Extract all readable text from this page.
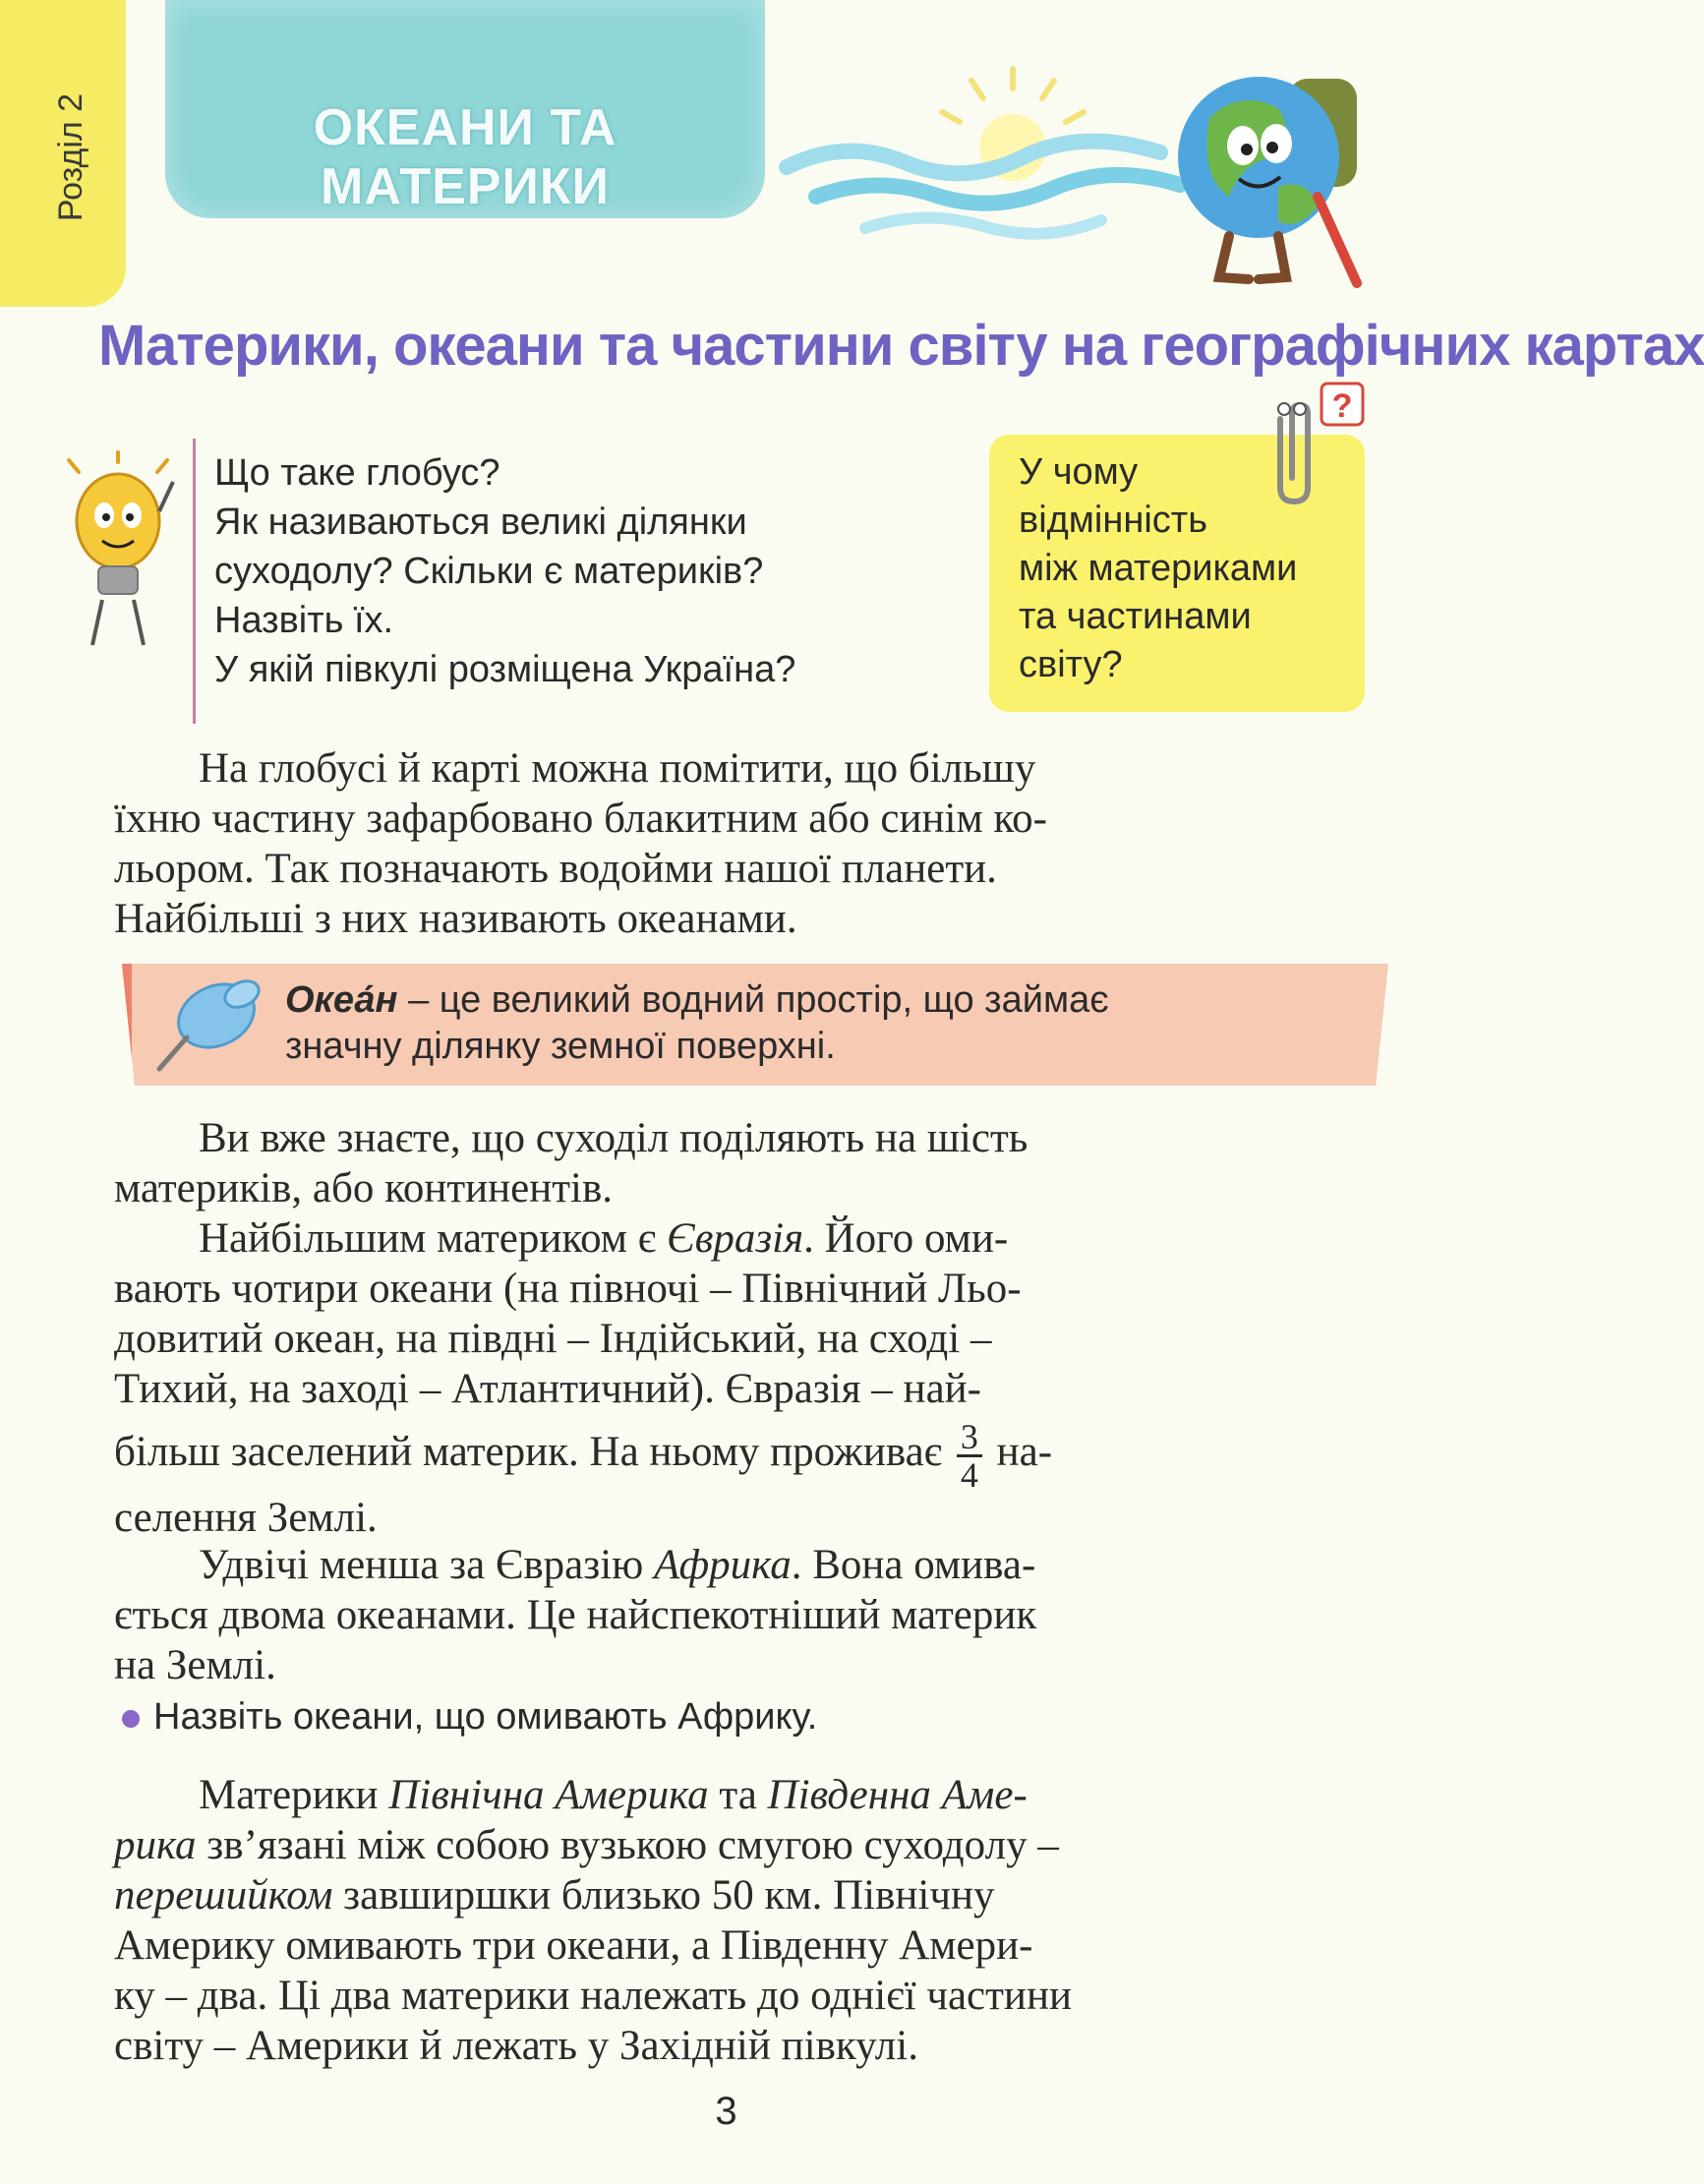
Розділ 2	ОКЕАНИ ТА МАТЕРИКИ
Материки, океани та частини світу на географічних картах
Що таке глобус?
Як називаються великі ділянки
суходолу? Скільки є материків?
Назвіть їх.
У якій півкулі розміщена Україна?
У чому
відмінність
між материками
та частинами
світу?
?
На глобусі й карті можна помітити, що більшу
їхню частину зафарбовано блакитним або синім ко-
льором. Так позначають водойми нашої планети.
Найбільші з них називають океанами.
Океа́н – це великий водний простір, що займає
значну ділянку земної поверхні.
Ви вже знаєте, що суходіл поділяють на шість
материків, або континентів.
Найбільшим материком є Євразія. Його оми-
вають чотири океани (на півночі – Північний Льо-
довитий океан, на півдні – Індійський, на сході –
Тихий, на заході – Атлантичний). Євразія – най-
більш заселений материк. На ньому проживає $\frac{3}{4} на-$
селення Землі.
Удвічі менша за Євразію Африка. Вона омива-
ється двома океанами. Це найспекотніший материк
на Землі.
Назвіть океани, що омивають Африку.
Материки Північна Америка та Південна Аме-
рика зв’язані між собою вузькою смугою суходолу –
перешийком завширшки близько 50 км. Північну
Америку омивають три океани, а Південну Амери-
ку – два. Ці два материки належать до однієї частини
світу – Америки й лежать у Західній півкулі.
3
